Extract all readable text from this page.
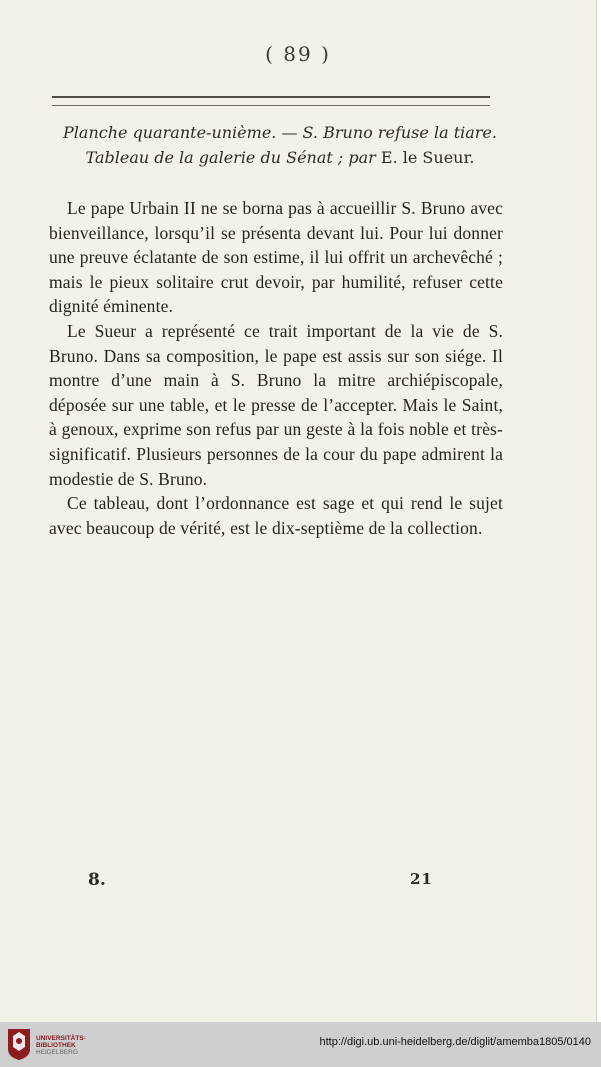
( 89 )
Planche quarante-unième. — S. Bruno refuse la tiare.
Tableau de la galerie du Sénat ; par E. le Sueur.

Le pape Urbain II ne se borna pas à accueillir S. Bruno avec bienveillance, lorsqu’il se présenta devant lui. Pour lui donner une preuve éclatante de son estime, il lui offrit un archevêché ; mais le pieux solitaire crut devoir, par humilité, refuser cette dignité éminente.

Le Sueur a représenté ce trait important de la vie de S. Bruno. Dans sa composition, le pape est assis sur son siége. Il montre d’une main à S. Bruno la mitre archiépiscopale, déposée sur une table, et le presse de l’accepter. Mais le Saint, à genoux, exprime son refus par un geste à la fois noble et très-significatif. Plusieurs personnes de la cour du pape admirent la modestie de S. Bruno.

Ce tableau, dont l’ordonnance est sage et qui rend le sujet avec beaucoup de vérité, est le dix-septième de la collection.

8.	21
UNIVERSITÄTS-
BIBLIOTHEK
HEIDELBERG
http://digi.ub.uni-heidelberg.de/diglit/amemba1805/0140
